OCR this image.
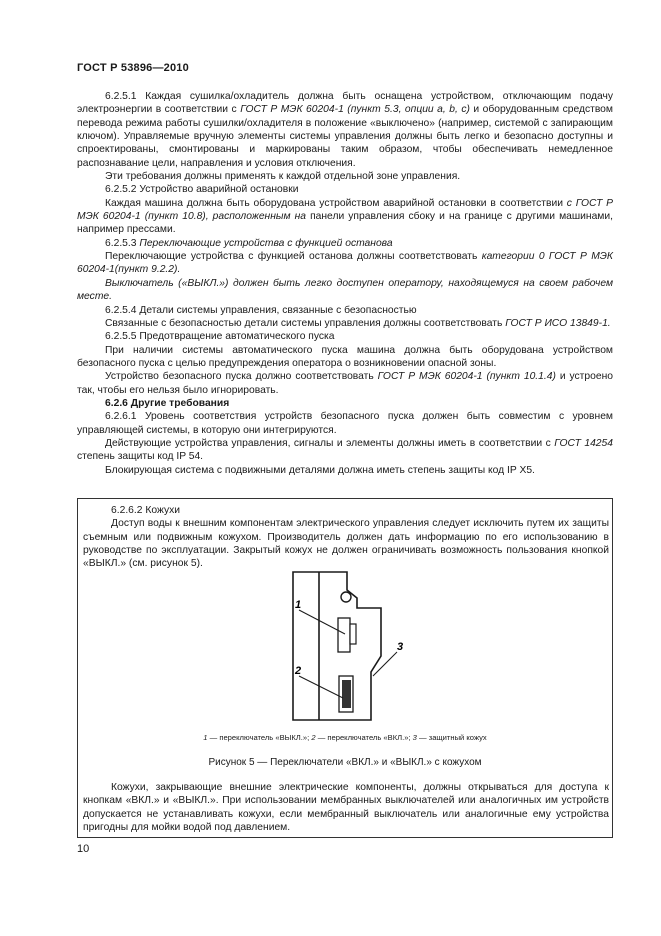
ГОСТ Р 53896—2010

6.2.5.1 Каждая сушилка/охладитель должна быть оснащена устройством, отключающим подачу электроэнергии в соответствии с ГОСТ Р МЭК 60204-1 (пункт 5.3, опции а, b, c) и оборудованным средством перевода режима работы сушилки/охладителя в положение «выключено» (например, системой с запирающим ключом). Управляемые вручную элементы системы управления должны быть легко и безопасно доступны и спроектированы, смонтированы и маркированы таким образом, чтобы обеспечивать немедленное распознавание цели, направления и условия отключения.

Эти требования должны применять к каждой отдельной зоне управления.

6.2.5.2 Устройство аварийной остановки

Каждая машина должна быть оборудована устройством аварийной остановки в соответствии с ГОСТ Р МЭК 60204-1 (пункт 10.8), расположенным на панели управления сбоку и на границе с другими машинами, например прессами.

6.2.5.3 Переключающие устройства с функцией останова

Переключающие устройства с функцией останова должны соответствовать категории 0 ГОСТ Р МЭК 60204-1(пункт 9.2.2).

Выключатель («ВЫКЛ.») должен быть легко доступен оператору, находящемуся на своем рабочем месте.

6.2.5.4 Детали системы управления, связанные с безопасностью

Связанные с безопасностью детали системы управления должны соответствовать ГОСТ Р ИСО 13849-1.

6.2.5.5 Предотвращение автоматического пуска

При наличии системы автоматического пуска машина должна быть оборудована устройством безопасного пуска с целью предупреждения оператора о возникновении опасной зоны.

Устройство безопасного пуска должно соответствовать ГОСТ Р МЭК 60204-1 (пункт 10.1.4) и устроено так, чтобы его нельзя было игнорировать.

6.2.6 Другие требования

6.2.6.1 Уровень соответствия устройств безопасного пуска должен быть совместим с уровнем управляющей системы, в которую они интегрируются.

Действующие устройства управления, сигналы и элементы должны иметь в соответствии с ГОСТ 14254 степень защиты код IP 54.

Блокирующая система с подвижными деталями должна иметь степень защиты код IP X5.

6.2.6.2 Кожухи

Доступ воды к внешним компонентам электрического управления следует исключить путем их защиты съемным или подвижным кожухом. Производитель должен дать информацию по его использованию в руководстве по эксплуатации. Закрытый кожух не должен ограничивать возможность пользования кнопкой «ВЫКЛ.» (см. рисунок 5).

1
2
3
1 — переключатель «ВЫКЛ.»; 2 — переключатель «ВКЛ.»; 3 — защитный кожух
Рисунок 5 — Переключатели «ВКЛ.» и «ВЫКЛ.» с кожухом

Кожухи, закрывающие внешние электрические компоненты, должны открываться для доступа к кнопкам «ВКЛ.» и «ВЫКЛ.». При использовании мембранных выключателей или аналогичных им устройств допускается не устанавливать кожухи, если мембранный выключатель или аналогичные ему устройства пригодны для мойки водой под давлением.

10
